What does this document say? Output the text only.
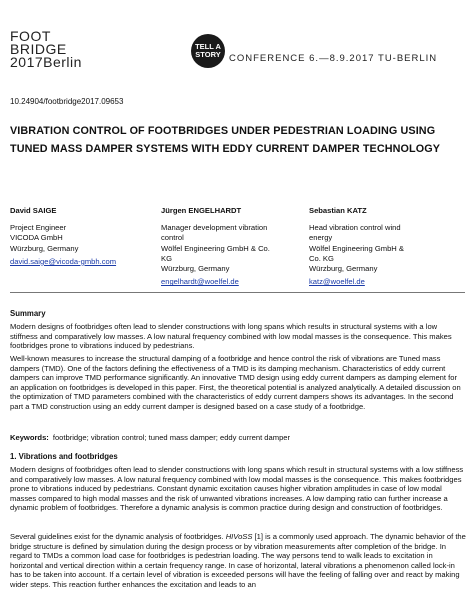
FOOT
BRIDGE
2017Berlin
TELL A
STORY CONFERENCE 6.—8.9.2017 TU-BERLIN
10.24904/footbridge2017.09653
VIBRATION CONTROL OF FOOTBRIDGES UNDER PEDESTRIAN LOADING USING TUNED MASS DAMPER SYSTEMS WITH EDDY CURRENT DAMPER TECHNOLOGY
David SAIGE
Project Engineer
VICODA GmbH
Würzburg, Germany
david.saige@vicoda-gmbh.com
Jürgen ENGELHARDT
Manager development vibration
control
Wölfel Engineering GmbH & Co.
KG
Würzburg, Germany
engelhardt@woelfel.de
Sebastian KATZ
Head vibration control wind
energy
Wölfel Engineering GmbH &
Co. KG
Würzburg, Germany
katz@woelfel.de
Summary

Modern designs of footbridges often lead to slender constructions with long spans which results in structural systems with a low stiffness and comparatively low masses. A low natural frequency combined with low modal masses is the consequence. This makes footbridges prone to vibrations induced by pedestrians.

Well-known measures to increase the structural damping of a footbridge and hence control the risk of vibrations are Tuned mass dampers (TMD). One of the factors defining the effectiveness of a TMD is its damping mechanism. Characteristics of eddy current dampers can improve TMD performance significantly. An innovative TMD design using eddy current dampers as damping element for an application on footbridges is developed in this paper. First, the theoretical potential is analyzed analytically. A detailed discussion on the optimization of TMD parameters combined with the characteristics of eddy current dampers shows its advantages. In the second part a TMD construction using an eddy current damper is designed based on a case study of a footbridge.

Keywords: footbridge; vibration control; tuned mass damper; eddy current damper
1. Vibrations and footbridges

Modern designs of footbridges often lead to slender constructions with long spans which result in structural systems with a low stiffness and comparatively low masses. A low natural frequency combined with low modal masses is the consequence. This makes footbridges prone to vibrations induced by pedestrians. Constant dynamic excitation causes higher vibration amplitudes in case of low modal masses compared to high modal masses and the risk of unwanted vibrations increases. A low damping ratio can further increase a dynamic problem of footbridges. Therefore a dynamic analysis is common practice during design and construction of footbridges.

Several guidelines exist for the dynamic analysis of footbridges. HIVoSS [1] is a commonly used approach. The dynamic behavior of the bridge structure is defined by simulation during the design process or by vibration measurements after completion of the bridge. In regard to TMDs a common load case for footbridges is pedestrian loading. The way persons tend to walk leads to excitation in horizontal and vertical direction within a certain frequency range. In case of horizontal, lateral vibrations a phenomenon called lock-in has to be taken into account. If a certain level of vibration is exceeded persons will have the feeling of falling over and react by making wider steps. This reaction further enhances the excitation and leads to an
